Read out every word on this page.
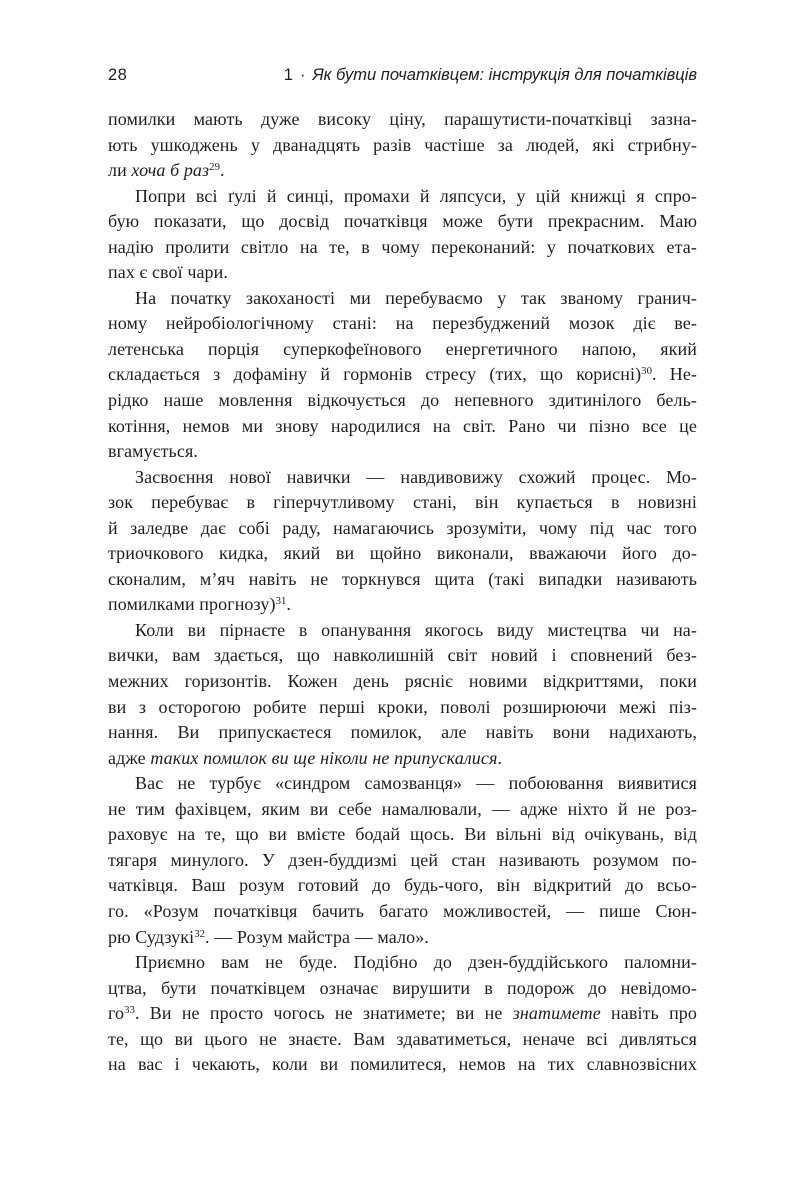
28	1 · Як бути початківцем: інструкція для початківців
помилки мають дуже високу ціну, парашутисти-початківці зазна-
ють ушкоджень у дванадцять разів частіше за людей, які стрибну-
ли хоча б раз$^{29}$.
Попри всі ґулі й синці, промахи й ляпсуси, у цій книжці я спро-
бую показати, що досвід початківця може бути прекрасним. Маю
надію пролити світло на те, в чому переконаний: у початкових ета-
пах є свої чари.
На початку закоханості ми перебуваємо у так званому гранич-
ному нейробіологічному стані: на перезбуджений мозок діє ве-
летенська порція суперкофеїнового енергетичного напою, який
складається з дофаміну й гормонів стресу (тих, що корисні)$^{30}$. Не-
рідко наше мовлення відкочується до непевного здитинілого бель-
котіння, немов ми знову народилися на світ. Рано чи пізно все це
вгамується.
Засвоєння нової навички — навдивовижу схожий процес. Мо-
зок перебуває в гіперчутливому стані, він купається в новизні
й заледве дає собі раду, намагаючись зрозуміти, чому під час того
триочкового кидка, який ви щойно виконали, вважаючи його до-
сконалим, м’яч навіть не торкнувся щита (такі випадки називають
помилками прогнозу)$^{31}$.
Коли ви пірнаєте в опанування якогось виду мистецтва чи на-
вички, вам здається, що навколишній світ новий і сповнений без-
межних горизонтів. Кожен день рясніє новими відкриттями, поки
ви з осторогою робите перші кроки, поволі розширюючи межі піз-
нання. Ви припускаєтеся помилок, але навіть вони надихають,
адже таких помилок ви ще ніколи не припускалися.
Вас не турбує «синдром самозванця» — побоювання виявитися
не тим фахівцем, яким ви себе намалювали, — адже ніхто й не роз-
раховує на те, що ви вмієте бодай щось. Ви вільні від очікувань, від
тягаря минулого. У дзен-буддизмі цей стан називають розумом по-
чатківця. Ваш розум готовий до будь-чого, він відкритий до всьо-
го. «Розум початківця бачить багато можливостей, — пише Сюн-
рю Судзукі$^{32}$. — Розум майстра — мало».
Приємно вам не буде. Подібно до дзен-буддійського паломни-
цтва, бути початківцем означає вирушити в подорож до невідомо-
$го^{33}$. Ви не просто чогось не знатимете; ви не знатимете навіть про
те, що ви цього не знаєте. Вам здаватиметься, неначе всі дивляться
на вас і чекають, коли ви помилитеся, немов на тих славнозвісних
